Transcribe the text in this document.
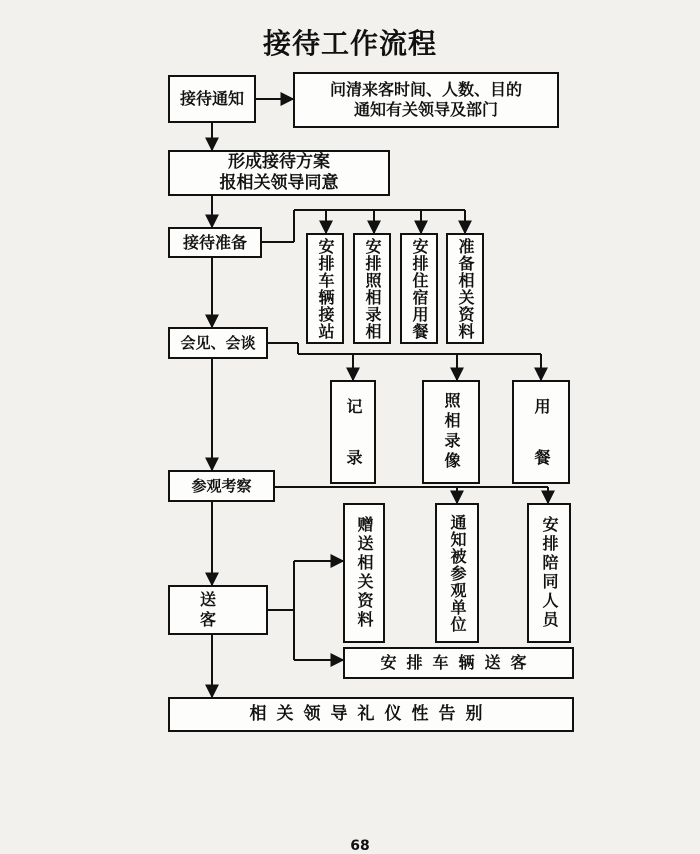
接待工作流程
接待通知	问清来客时间、人数、目的
通知有关领导及部门
形成接待方案
报相关领导同意
接待准备
会见、会谈
参观考察
送客
相关领导礼仪性告别
安排车辆接站	安排照相录相	安排住宿用餐	准备相关资料
记　　录	照相录像	用　　餐
赠送相关资料	通知被参观单位	安排陪同人员
安排车辆送客
68
